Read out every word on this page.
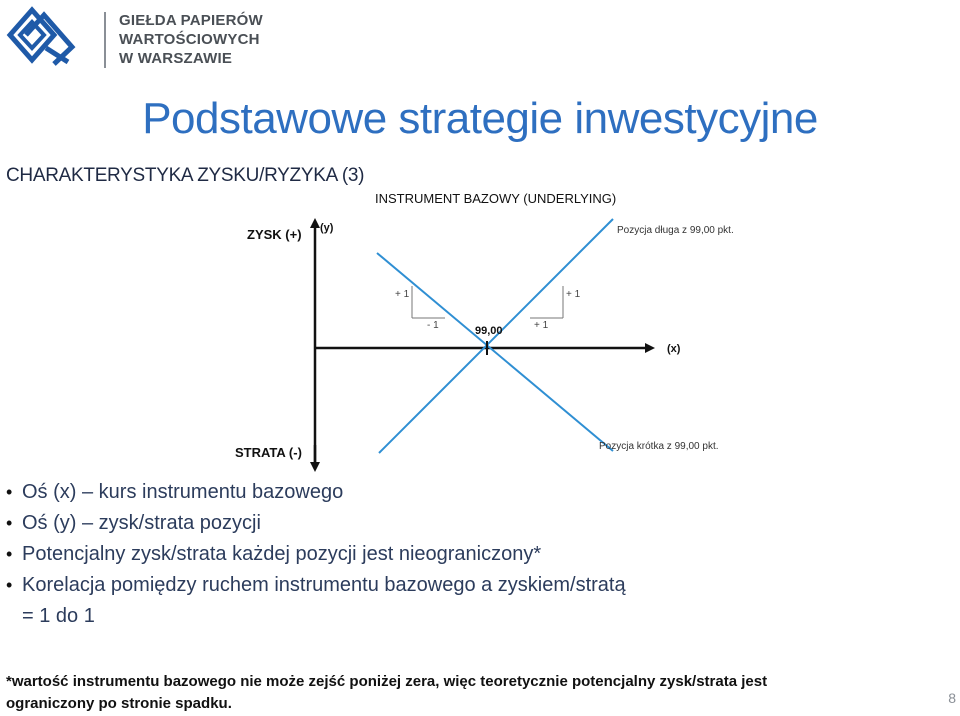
GIEŁDA PAPIERÓW
WARTOŚCIOWYCH
W WARSZAWIE
Podstawowe strategie inwestycyjne
CHARAKTERYSTYKA ZYSKU/RYZYKA (3)
INSTRUMENT BAZOWY (UNDERLYING)
ZYSK (+) (y)
(x)
STRATA (-)
99,00
+ 1
- 1
+ 1
+ 1
Pozycja długa z 99,00 pkt.
Pozycja krótka z 99,00 pkt.
• Oś (x) – kurs instrumentu bazowego
• Oś (y) – zysk/strata pozycji
• Potencjalny zysk/strata każdej pozycji jest nieograniczony*
• Korelacja pomiędzy ruchem instrumentu bazowego a zyskiem/stratą
= 1 do 1
*wartość instrumentu bazowego nie może zejść poniżej zera, więc teoretycznie potencjalny zysk/strata jest
ograniczony po stronie spadku.	8
